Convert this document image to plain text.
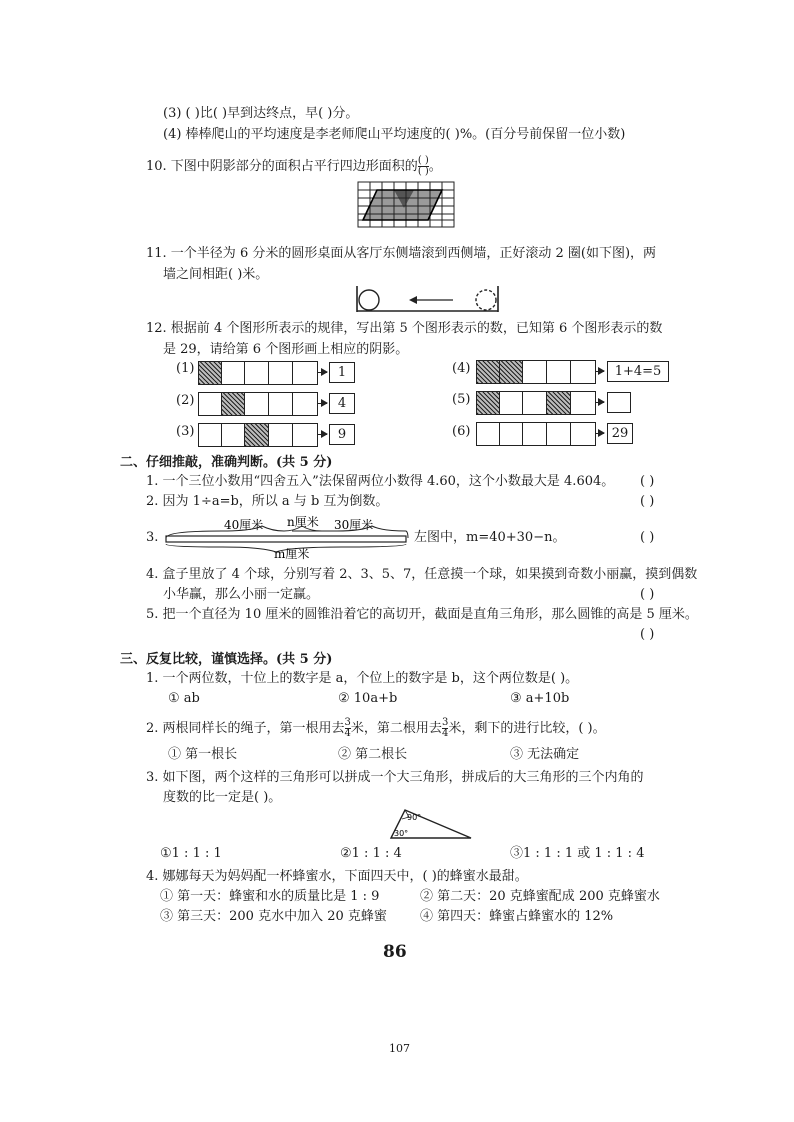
(3) ( )比( )早到达终点，早( )分。
(4) 棒棒爬山的平均速度是李老师爬山平均速度的( )%。(百分号前保留一位小数)
10. 下图中阴影部分的面积占平行四边形面积的 $\frac{( )}{( )}$ 。
11. 一个半径为 6 分米的圆形桌面从客厅东侧墙滚到西侧墙，正好滚动 2 圈(如下图)，两
墙之间相距( )米。
12. 根据前 4 个图形所表示的规律，写出第 5 个图形表示的数，已知第 6 个图形表示的数
是 29，请给第 6 个图形画上相应的阴影。
(1)	1
(2)	4
(3)	9
(4)	1+4=5
(5)
(6)	29
二、仔细推敲，准确判断。(共 5 分)
1. 一个三位小数用“四舍五入”法保留两位小数得 4.60，这个小数最大是 4.604。 ( )
2. 因为 1÷a=b，所以 a 与 b 互为倒数。	( )
3.
40厘米 n厘米 30厘米
m厘米
左图中，m=40+30−n。	( )
4. 盒子里放了 4 个球，分别写着 2、3、5、7，任意摸一个球，如果摸到奇数小丽赢，摸到偶数
小华赢，那么小丽一定赢。	( )
5. 把一个直径为 10 厘米的圆锥沿着它的高切开，截面是直角三角形，那么圆锥的高是 5 厘米。
( )
三、反复比较，谨慎选择。(共 5 分)
1. 一个两位数，十位上的数字是 a，个位上的数字是 b，这个两位数是( )。
① ab	② 10a+b	③ a+10b
2. 两根同样长的绳子，第一根用去 $\frac{3}{4}$ 米，第二根用去 $\frac{3}{4}$ 米，剩下的进行比较，( )。
① 第一根长	② 第二根长	③ 无法确定
3. 如下图，两个这样的三角形可以拼成一个大三角形，拼成后的大三角形的三个内角的
度数的比一定是( )。
90°
30°
①1 : 1 : 1	②1 : 1 : 4	③1 : 1 : 1 或 1 : 1 : 4
4. 娜娜每天为妈妈配一杯蜂蜜水，下面四天中，( )的蜂蜜水最甜。
① 第一天：蜂蜜和水的质量比是 1 : 9	② 第二天：20 克蜂蜜配成 200 克蜂蜜水
③ 第三天：200 克水中加入 20 克蜂蜜	④ 第四天：蜂蜜占蜂蜜水的 12%
86
107
